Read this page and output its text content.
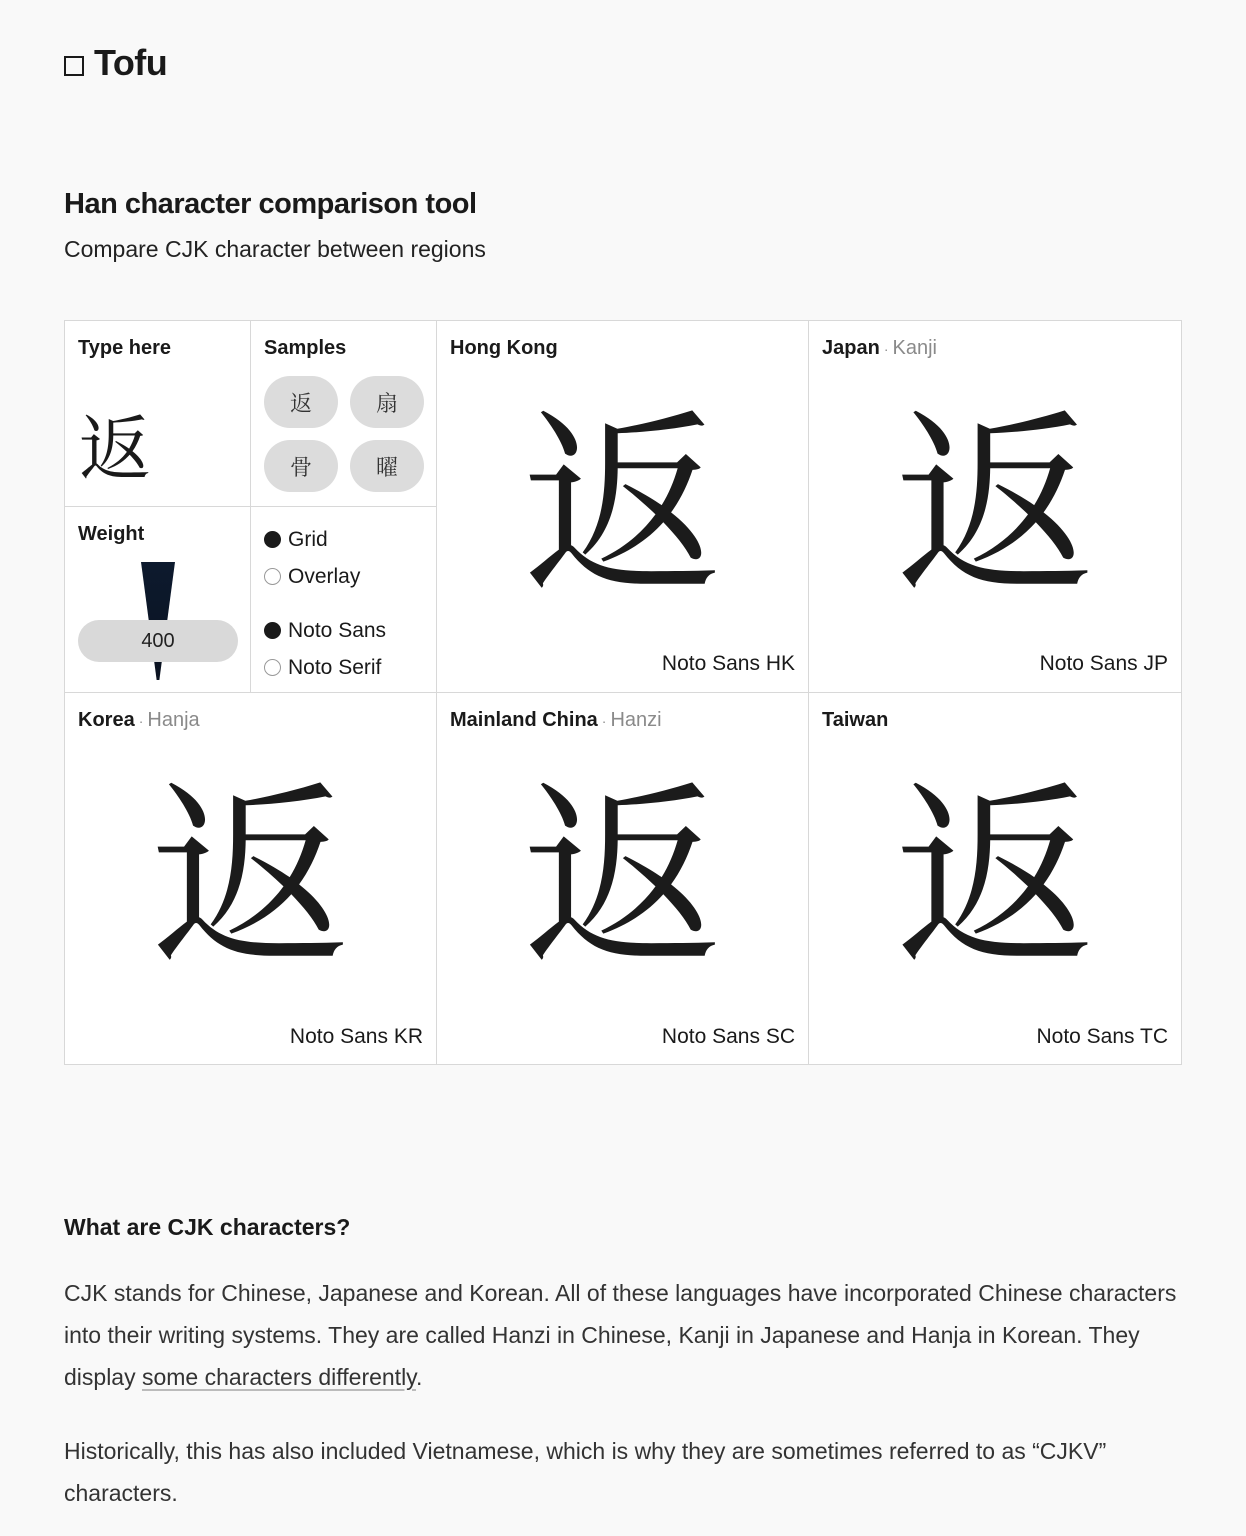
Tofu
Han character comparison tool
Compare CJK character between regions
Type here
返	Samples
返	扇
骨	曜
Hong Kong
返
Noto Sans HK
Japan · Kanji
返
Noto Sans JP
Weight
400
Grid
Overlay
Noto Sans
Noto Serif
Korea · Hanja
返
Noto Sans KR
Mainland China · Hanzi
返
Noto Sans SC
Taiwan
返
Noto Sans TC
What are CJK characters?

CJK stands for Chinese, Japanese and Korean. All of these languages have incorporated Chinese characters into their writing systems. They are called Hanzi in Chinese, Kanji in Japanese and Hanja in Korean. They display some characters differently.

Historically, this has also included Vietnamese, which is why they are sometimes referred to as “CJKV” characters.
